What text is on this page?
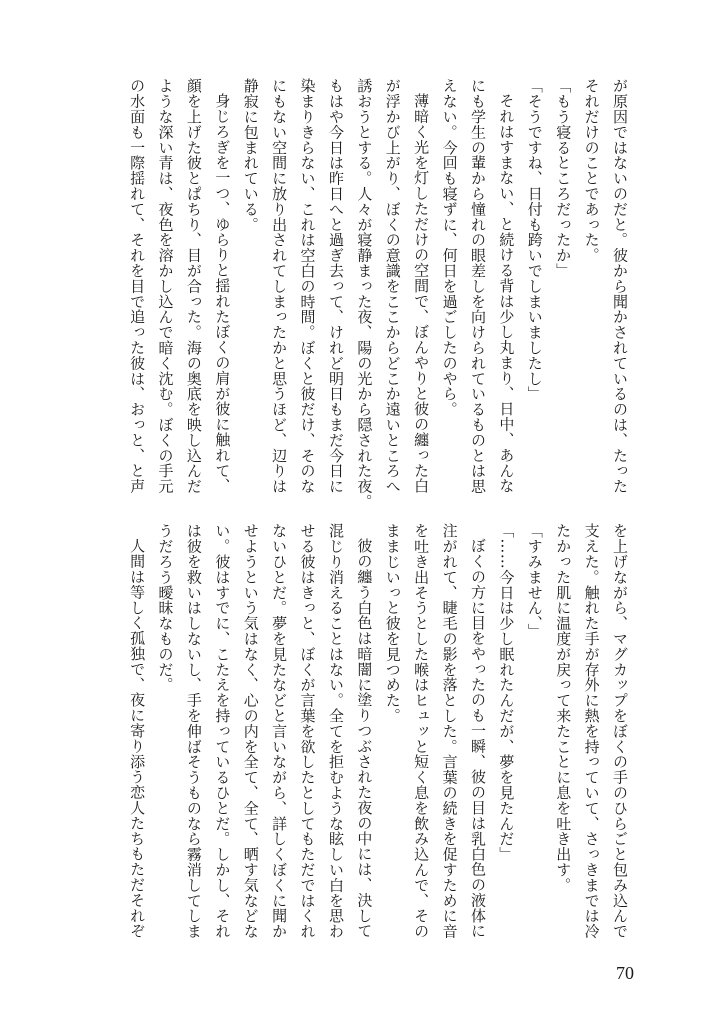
が原因ではないのだと。彼から聞かされているのは、たった
それだけのことであった。
「もう寝るところだったか」
「そうですね、日付も跨いでしまいましたし」
それはすまない、と続ける背は少し丸まり、日中、あんな
にも学生の輩から憧れの眼差しを向けられているものとは思
えない。今回も寝ずに、何日を過ごしたのやら。
薄暗く光を灯しただけの空間で、ぼんやりと彼の纏った白
が浮かび上がり、ぼくの意識をここからどこか遠いところへ
誘おうとする。人々が寝静まった夜、陽の光から隠された夜。
もはや今日は昨日へと過ぎ去って、けれど明日もまだ今日に
染まりきらない、これは空白の時間。ぼくと彼だけ、そのな
にもない空間に放り出されてしまったかと思うほど、辺りは
静寂に包まれている。
身じろぎを一つ、ゆらりと揺れたぼくの肩が彼に触れて、
顔を上げた彼とぱちり、目が合った。海の奥底を映し込んだ
ような深い青は、夜色を溶かし込んで暗く沈む。ぼくの手元
の水面も一際揺れて、それを目で追った彼は、おっと、と声
を上げながら、マグカップをぼくの手のひらごと包み込んで
支えた。触れた手が存外に熱を持っていて、さっきまでは冷
たかった肌に温度が戻って来たことに息を吐き出す。
「すみません、」
「……今日は少し眠れたんだが、夢を見たんだ」
ぼくの方に目をやったのも一瞬、彼の目は乳白色の液体に
注がれて、睫毛の影を落とした。言葉の続きを促すために音
を吐き出そうとした喉はヒュッと短く息を飲み込んで、その
ままじいっと彼を見つめた。
彼の纏う白色は暗闇に塗りつぶされた夜の中には、決して
混じり消えることはない。全てを拒むような眩しい白を思わ
せる彼はきっと、ぼくが言葉を欲したとしてもただではくれ
ないひとだ。夢を見たなどと言いながら、詳しくぼくに聞か
せようという気はなく、心の内を全て、全て、晒す気などな
い。彼はすでに、こたえを持っているひとだ。しかし、それ
は彼を救いはしないし、手を伸ばそうものなら霧消してしま
うだろう曖昧なものだ。
人間は等しく孤独で、夜に寄り添う恋人たちもただそれぞ
70
